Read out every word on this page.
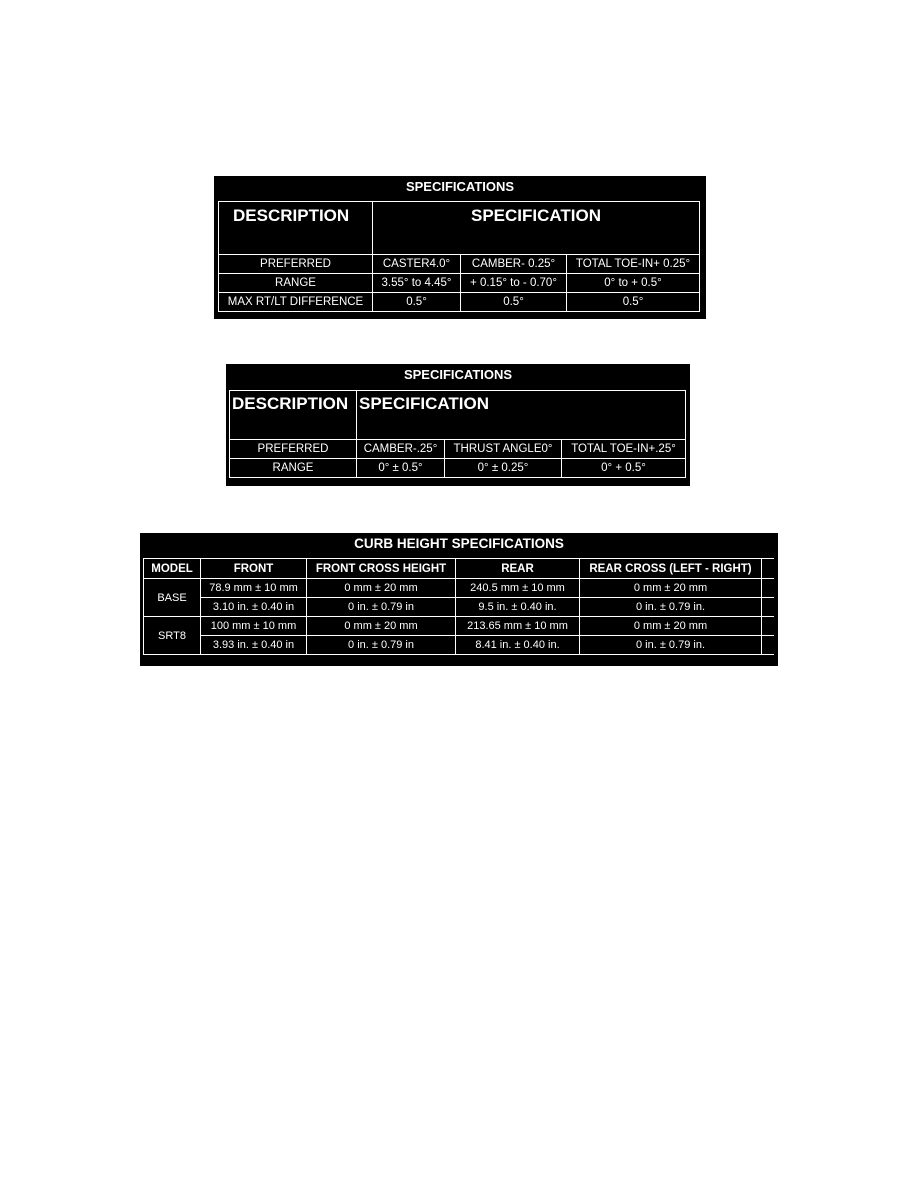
SPECIFICATIONS
DESCRIPTION	SPECIFICATION		
PREFERRED	CASTER4.0°	CAMBER- 0.25°	TOTAL TOE-IN+ 0.25°
RANGE	3.55° to 4.45°	+ 0.15° to - 0.70°	0° to + 0.5°
MAX RT/LT DIFFERENCE	0.5°	0.5°	0.5°
SPECIFICATIONS
DESCRIPTION	SPECIFICATION		
PREFERRED	CAMBER-.25°	THRUST ANGLE0°	TOTAL TOE-IN+.25°
RANGE	0° ± 0.5°	0° ± 0.25°	0° + 0.5°
CURB HEIGHT SPECIFICATIONS
MODEL	FRONT	FRONT CROSS HEIGHT	REAR	REAR CROSS (LEFT - RIGHT)	
BASE	78.9 mm ± 10 mm	0 mm ± 20 mm	240.5 mm ± 10 mm	0 mm ± 20 mm	
	3.10 in. ± 0.40 in	0 in. ± 0.79 in	9.5 in. ± 0.40 in.	0 in. ± 0.79 in.	
SRT8	100 mm ± 10 mm	0 mm ± 20 mm	213.65 mm ± 10 mm	0 mm ± 20 mm	
	3.93 in. ± 0.40 in	0 in. ± 0.79 in	8.41 in. ± 0.40 in.	0 in. ± 0.79 in.	
